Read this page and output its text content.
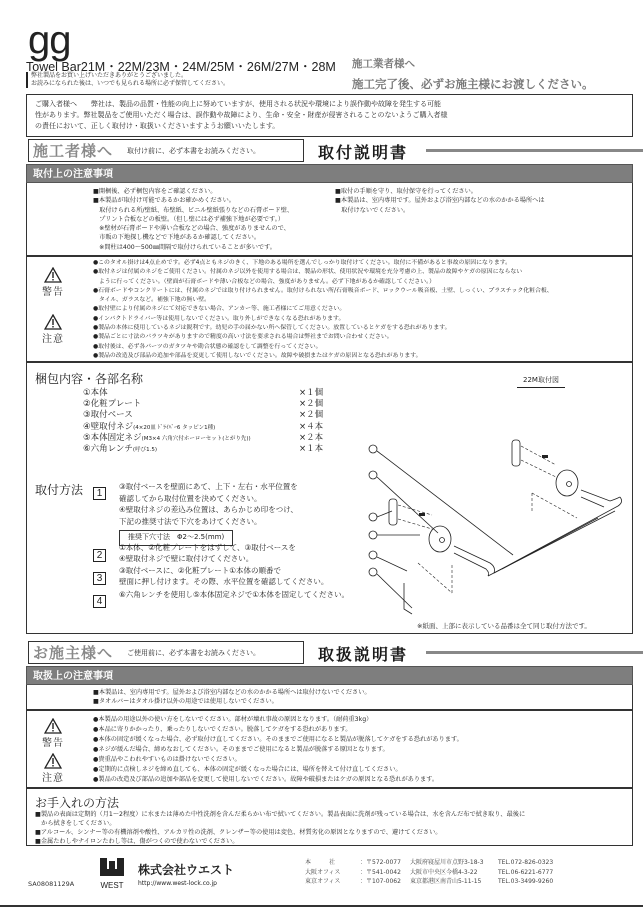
gg
Towel Bar21M・22M/23M・24M/25M・26M/27M・28M
弊社製品をお買い上げいただきありがとうございました。
お読みになられた後は、いつでも見られる場所に必ず保管してください。
施工業者様へ
施工完了後、必ずお施主様にお渡しください。
ご購入者様へ　　弊社は、製品の品質・性能の向上に努めていますが、使用される状況や環境により誤作動や故障を発生する可能
性があります。弊社製品をご使用いただく場合は、誤作動や故障により、生命・安全・財産が侵害されることのないようご購入者様
の責任において、正しく取付け・取扱いくださいますようお願いいたします。
施工者様へ 取付け前に、必ず本書をお読みください。	取付説明書
取付上の注意事項

■開梱後、必ず梱包内容をご確認ください。

■本製品が取付け可能であるかお確かめください。

　取付けられる所/壁紙、布壁紙、ビニル壁紙張りなどの石膏ボード壁、

　プリント合板などの板壁。（但し壁には必ず補強下地が必要です。）

　※壁材が石膏ボードや薄い合板などの場合、強度がありませんので、

　市販の下地探し機などで下地があるか確認してください。

　※間柱は400～500㎜間隔で取付けられていることが多いです。

■取付の手順を守り、取付保守を行ってください。

■本製品は、室内専用です。屋外および浴室内部などの水のかかる場所へは

　取付けないでください。

警告
注意

●このタオル掛けは4点止めです。必ず4点ともネジのきく、下地のある場所を選んでしっかり取付けてください。取付に不備があると事故の原因になります。

●取付ネジは付属のネジをご使用ください。付属のネジ以外を使用する場合は、製品の形状、使用状況や環境を充分考慮の上、製品の故障やケガの原因にならない

　ように行ってください。（壁面が石膏ボードや薄い合板などの場合、強度がありません。必ず下地があるか確認してください。）

●石膏ボードやコンクリートには、付属のネジでは取り付けられません。取付けられない所/石膏吸音ボード、ロックウール吸音板、土壁、しっくい、プラスチック化粧合板、

　タイル、ガラスなど。補強下地の無い壁。

●取付壁により付属のネジにて対応できない場合、アンカー等、施工者様にてご用意ください。

●インパクトドライバー等は使用しないでください。取り外しができなくなる恐れがあります。

●製品の本体に使用しているネジは鋭利です。幼児の手の届かない所へ保管してください。放置しているとケガをする恐れがあります。

●製品ごとに寸法のバラツキがありますので精度の高い寸法を要求される場合は弊社までお問い合わせください。

●取付後は、必ず各パーツのガタツキや勘合状態の確認をして調整を行ってください。

●製品の改造及び部品の追加や部品を変更して使用しないでください。故障や破損またはケガの原因となる恐れがあります。

梱包内容・各部名称	22M取付図
①本体	×１個
②化粧プレート	×２個
③取付ベース	×２個
④壁取付ネジ(4×20皿 ﾄﾞﾗｲﾊﾞｰ6 タッピン1種)	×４本
⑤本体固定ネジ(M3×4 六角穴付ホーローセット(とがり先))	×２本
⑥六角レンチ(呼び1.5)	×１本
取付方法	1
③取付ベースを壁面にあて、上下・左右・水平位置を
確認してから取付位置を決めてください。
④壁取付ネジの差込み位置は、あらかじめ印をつけ、
下記の推奨寸法で下穴をあけてください。
推奨下穴寸法　Φ2～2.5(mm)
2
①本体、②化粧プレートをはずして、③取付ベースを
④壁取付ネジで壁に取付けてください。
3
③取付ベースに、②化粧プレート①本体の順番で
壁面に押し付けます。その際、水平位置を確認してください。
4
⑥六角レンチを使用し⑤本体固定ネジで①本体を固定してください。
※紙面、上部に表示している品番は全て同じ取付方法です。
お施主様へ ご使用前に、必ず本書をお読みください。	取扱説明書
取扱上の注意事項

■本製品は、室内専用です。屋外および浴室内部などの水のかかる場所へは取付けないでください。

■タオルバーはタオル掛け以外の用途では使用しないでください。

警告
注意

●本製品の用途以外の使い方をしないでください。部材が壊れ事故の原因となります。（耐荷重3kg）

●本品に寄りかかったり、乗ったりしないでください。脱落してケガをする恐れがあります。

●本体の固定が緩くなった場合、必ず取付け直してください。そのままでご使用になると製品が脱落してケガをする恐れがあります。

●ネジが緩んだ場合、締めなおしてください。そのままでご使用になると製品が脱落する原因となります。

●貴重品やこわれやすいものは掛けないでください。

●定期的に点検しネジを締め直しても、本体の固定が緩くなった場合には、場所を替えて付け直してください。

●製品の改造及び部品の追加や部品を変更して使用しないでください。故障や破損またはケガの原因となる恐れがあります。

お手入れの方法

■製品の表面は定期的（月1～2程度）に水または薄めた中性洗剤を含んだ柔らかい布で拭いてください。製品表面に洗剤が残っている場合は、水を含んだ布で拭き取り、最後に

　から拭きをしてください。

■アルコール、シンナー等の有機溶剤や酸性、アルカリ性の洗剤、クレンザー等の使用は変色、材質劣化の原因となりますので、避けてください。

■金属たわしやナイロンたわし等は、傷がつくので使わないでください。

SA08081129A	WEST
株式会社ウエスト
http://www.west-lock.co.jp
本　　　社	：〒572-0077 大阪府寝屋川市点野3-18-3 TEL.072-826-0323
大阪オフィス	：〒541-0042 大阪市中央区今橋4-3-22	TEL.06-6221-6777
東京オフィス	：〒107-0062 東京都港区南青山5-11-15	TEL.03-3499-9260
